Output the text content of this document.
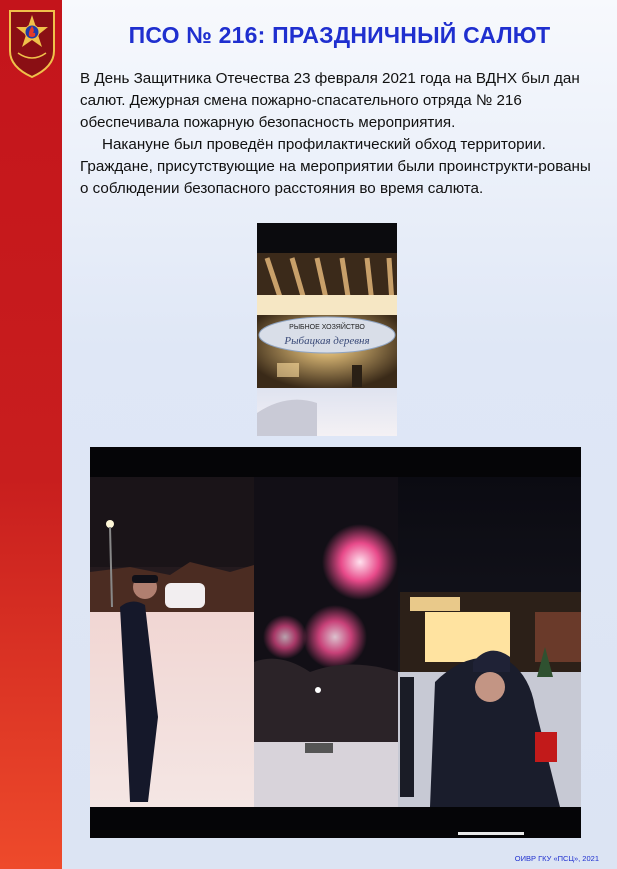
ПСО № 216: ПРАЗДНИЧНЫЙ САЛЮТ

В День Защитника Отечества 23 февраля 2021 года на ВДНХ был дан салют. Дежурная смена пожарно-спасательного отряда № 216 обеспечивала пожарную безопасность мероприятия.

Накануне был проведён профилактический обход территории. Граждане, присутствующие на мероприятии были проинструкти-рованы о соблюдении безопасного расстояния во время салюта.

РЫБНОЕ ХОЗЯЙСТВО
Рыбацкая деревня
ОИВР ГКУ «ПСЦ», 2021
